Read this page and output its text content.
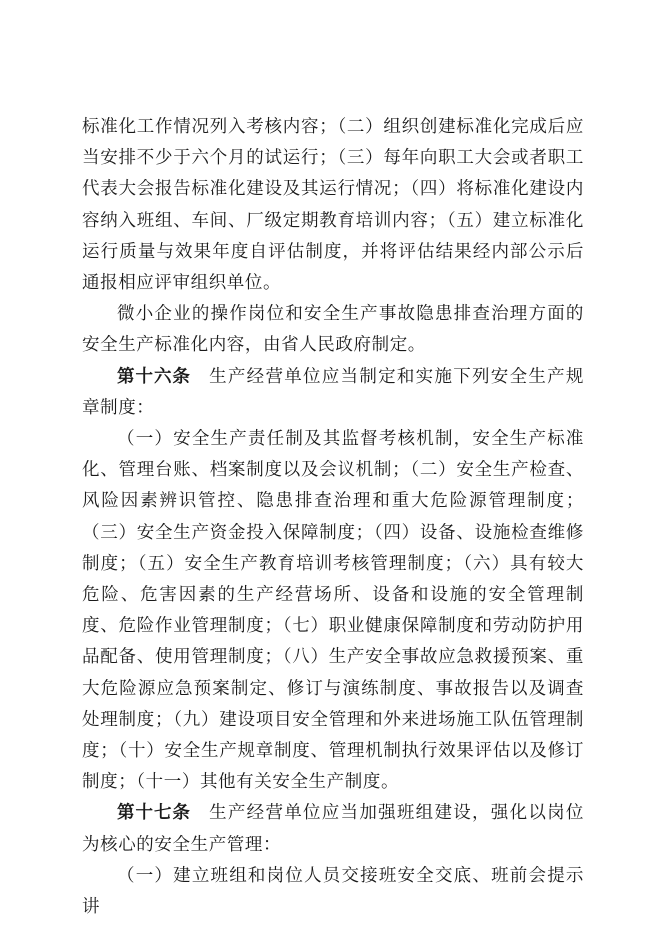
标准化工作情况列入考核内容；（二）组织创建标准化完成后应当安排不少于六个月的试运行；（三）每年向职工大会或者职工代表大会报告标准化建设及其运行情况；（四）将标准化建设内容纳入班组、车间、厂级定期教育培训内容；（五）建立标准化运行质量与效果年度自评估制度，并将评估结果经内部公示后通报相应评审组织单位。

微小企业的操作岗位和安全生产事故隐患排查治理方面的安全生产标准化内容，由省人民政府制定。

第十六条 生产经营单位应当制定和实施下列安全生产规章制度：

（一）安全生产责任制及其监督考核机制，安全生产标准化、管理台账、档案制度以及会议机制；（二）安全生产检查、风险因素辨识管控、隐患排查治理和重大危险源管理制度；（三）安全生产资金投入保障制度；（四）设备、设施检查维修制度；（五）安全生产教育培训考核管理制度；（六）具有较大危险、危害因素的生产经营场所、设备和设施的安全管理制度、危险作业管理制度；（七）职业健康保障制度和劳动防护用品配备、使用管理制度；（八）生产安全事故应急救援预案、重大危险源应急预案制定、修订与演练制度、事故报告以及调查处理制度；（九）建设项目安全管理和外来进场施工队伍管理制度；（十）安全生产规章制度、管理机制执行效果评估以及修订制度；（十一）其他有关安全生产制度。

第十七条 生产经营单位应当加强班组建设，强化以岗位为核心的安全生产管理：

（一）建立班组和岗位人员交接班安全交底、班前会提示讲
